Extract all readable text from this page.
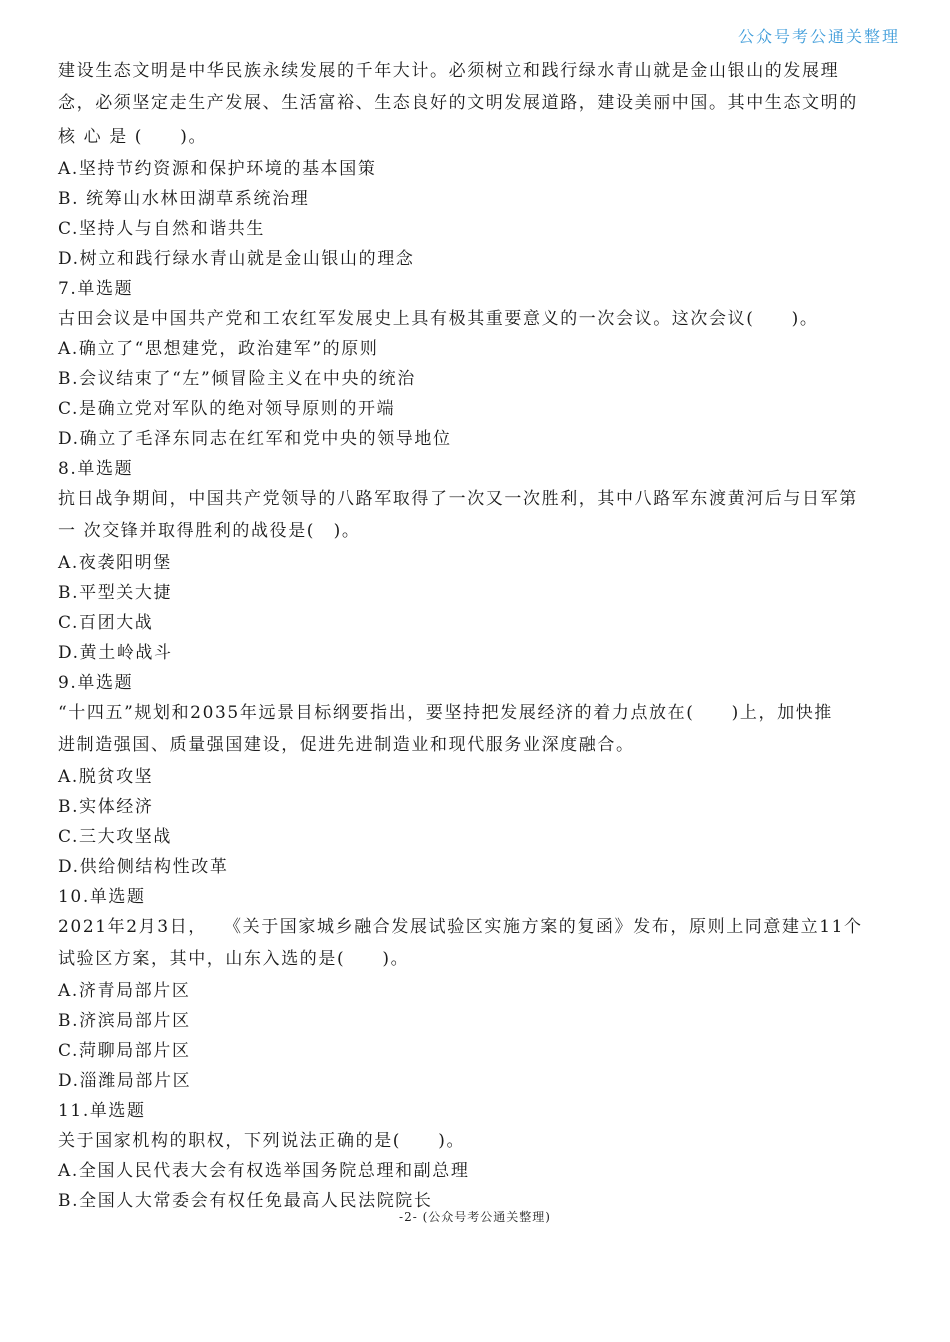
公众号考公通关整理
建设生态文明是中华民族永续发展的千年大计。必须树立和践行绿水青山就是金山银山的发展理
念，必须坚定走生产发展、生活富裕、生态良好的文明发展道路，建设美丽中国。其中生态文明的
核 心 是 (　　)。
A.坚持节约资源和保护环境的基本国策
B. 统筹山水林田湖草系统治理
C.坚持人与自然和谐共生
D.树立和践行绿水青山就是金山银山的理念
7.单选题
古田会议是中国共产党和工农红军发展史上具有极其重要意义的一次会议。这次会议(　　)。
A.确立了“思想建党，政治建军”的原则
B.会议结束了“左”倾冒险主义在中央的统治
C.是确立党对军队的绝对领导原则的开端
D.确立了毛泽东同志在红军和党中央的领导地位
8.单选题
抗日战争期间，中国共产党领导的八路军取得了一次又一次胜利，其中八路军东渡黄河后与日军第
一 次交锋并取得胜利的战役是(　)。
A.夜袭阳明堡
B.平型关大捷
C.百团大战
D.黄土岭战斗
9.单选题
“十四五”规划和2035年远景目标纲要指出，要坚持把发展经济的着力点放在(　　)上，加快推
进制造强国、质量强国建设，促进先进制造业和现代服务业深度融合。
A.脱贫攻坚
B.实体经济
C.三大攻坚战
D.供给侧结构性改革
10.单选题
2021年2月3日，　 《关于国家城乡融合发展试验区实施方案的复函》发布，原则上同意建立11个
试验区方案，其中，山东入选的是(　　)。
A.济青局部片区
B.济滨局部片区
C.菏聊局部片区
D.淄潍局部片区
11.单选题
关于国家机构的职权，下列说法正确的是(　　)。
A.全国人民代表大会有权选举国务院总理和副总理
B.全国人大常委会有权任免最高人民法院院长
-2- (公众号考公通关整理)
